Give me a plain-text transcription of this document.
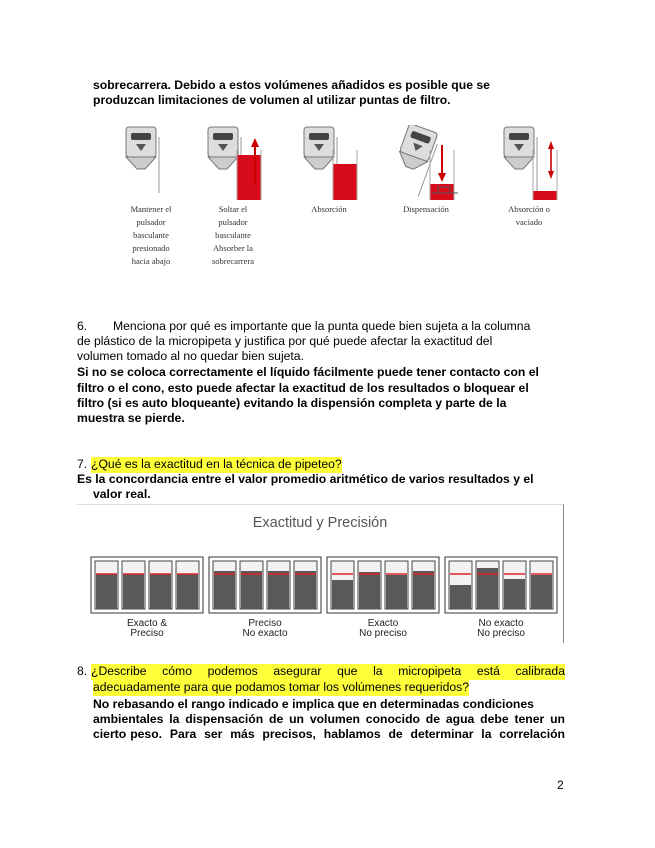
sobrecarrera. Debido a estos volúmenes añadidos es posible que se
produzcan limitaciones de volumen al utilizar puntas de filtro.
Mantener el
pulsador
basculante
presionado
hacia abajo
Soltar el
pulsador
basculante
Absorber la
sobrecarrera
Absorción	Dispensación	Absorción o
vaciado
6. Menciona por qué es importante que la punta quede bien sujeta a la columna
de plástico de la micropipeta y justifica por qué puede afectar la exactitud del
volumen tomado al no quedar bien sujeta.
Si no se coloca correctamente el líquido fácilmente puede tener contacto con el
filtro o el cono, esto puede afectar la exactitud de los resultados o bloquear el
filtro (si es auto bloqueante) evitando la dispensión completa y parte de la
muestra se pierde.
7. ¿Qué es la exactitud en la técnica de pipeteo?
Es la concordancia entre el valor promedio aritmético de varios resultados y el
valor real.
Exactitud y Precisión
Exacto &
Preciso
Preciso
No exacto
Exacto
No preciso
No exacto
No preciso
8. ¿Describe cómo podemos asegurar que la micropipeta está calibrada
adecuadamente para que podamos tomar los volúmenes requeridos?
No rebasando el rango indicado e implica que en determinadas condiciones
ambientales la dispensación de un volumen conocido de agua debe tener un
cierto peso. Para ser más precisos, hablamos de determinar la correlación
2
